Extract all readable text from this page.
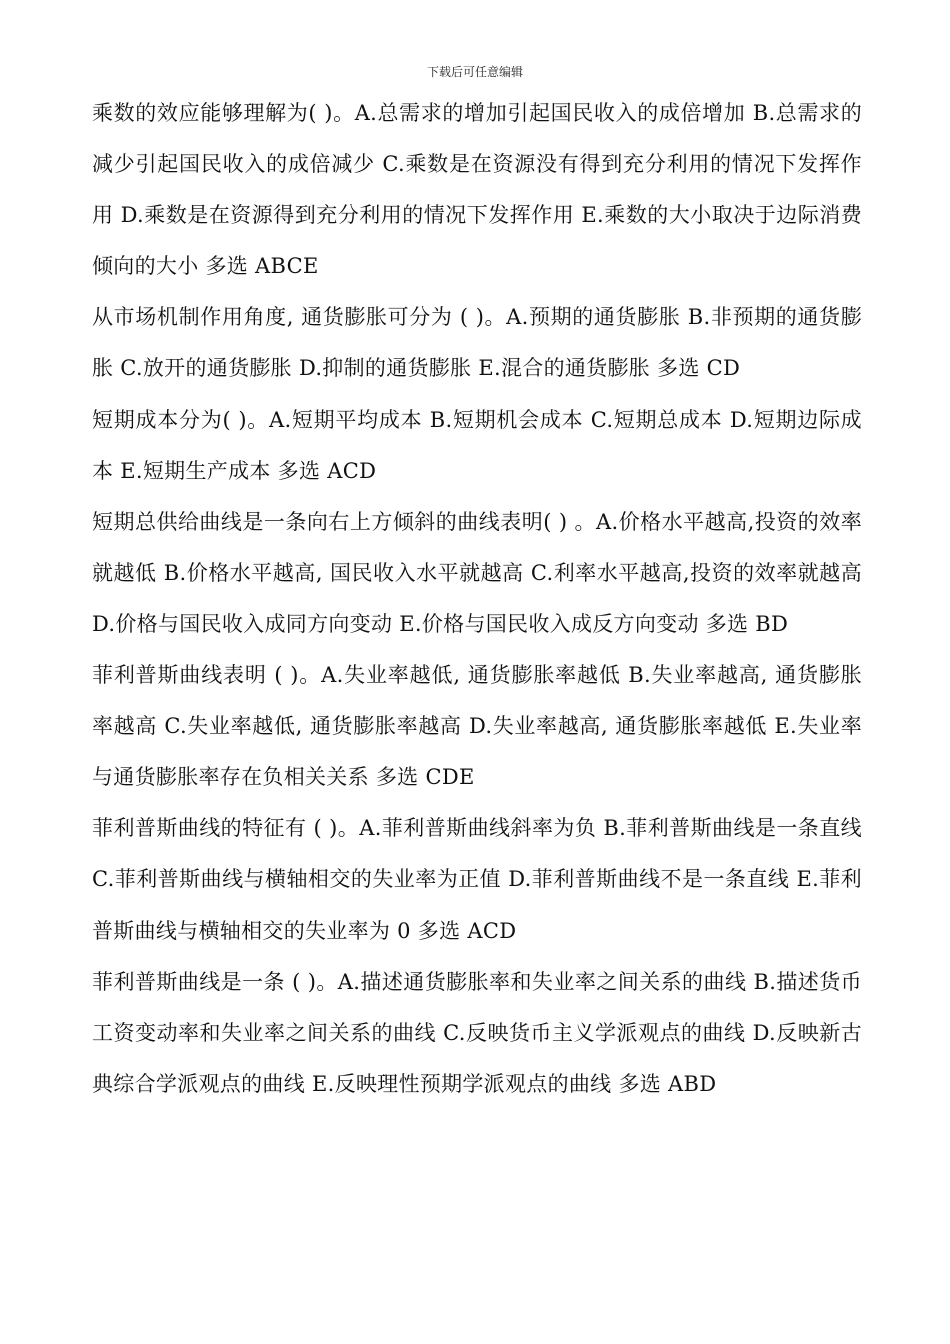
下载后可任意编辑

乘数的效应能够理解为( )。A.总需求的增加引起国民收入的成倍增加 B.总需求的减少引起国民收入的成倍减少 C.乘数是在资源没有得到充分利用的情况下发挥作用 D.乘数是在资源得到充分利用的情况下发挥作用 E.乘数的大小取决于边际消费倾向的大小 多选 ABCE

从市场机制作用角度, 通货膨胀可分为 ( )。A.预期的通货膨胀 B.非预期的通货膨胀 C.放开的通货膨胀 D.抑制的通货膨胀 E.混合的通货膨胀 多选 CD

短期成本分为( )。A.短期平均成本 B.短期机会成本 C.短期总成本 D.短期边际成本 E.短期生产成本 多选 ACD

短期总供给曲线是一条向右上方倾斜的曲线表明( ) 。A.价格水平越高,投资的效率就越低 B.价格水平越高, 国民收入水平就越高 C.利率水平越高,投资的效率就越高 D.价格与国民收入成同方向变动 E.价格与国民收入成反方向变动 多选 BD

菲利普斯曲线表明 ( )。A.失业率越低, 通货膨胀率越低 B.失业率越高, 通货膨胀率越高 C.失业率越低, 通货膨胀率越高 D.失业率越高, 通货膨胀率越低 E.失业率与通货膨胀率存在负相关关系 多选 CDE

菲利普斯曲线的特征有 ( )。A.菲利普斯曲线斜率为负 B.菲利普斯曲线是一条直线 C.菲利普斯曲线与横轴相交的失业率为正值 D.菲利普斯曲线不是一条直线 E.菲利普斯曲线与横轴相交的失业率为 0 多选 ACD

菲利普斯曲线是一条 ( )。A.描述通货膨胀率和失业率之间关系的曲线 B.描述货币工资变动率和失业率之间关系的曲线 C.反映货币主义学派观点的曲线 D.反映新古典综合学派观点的曲线 E.反映理性预期学派观点的曲线 多选 ABD
